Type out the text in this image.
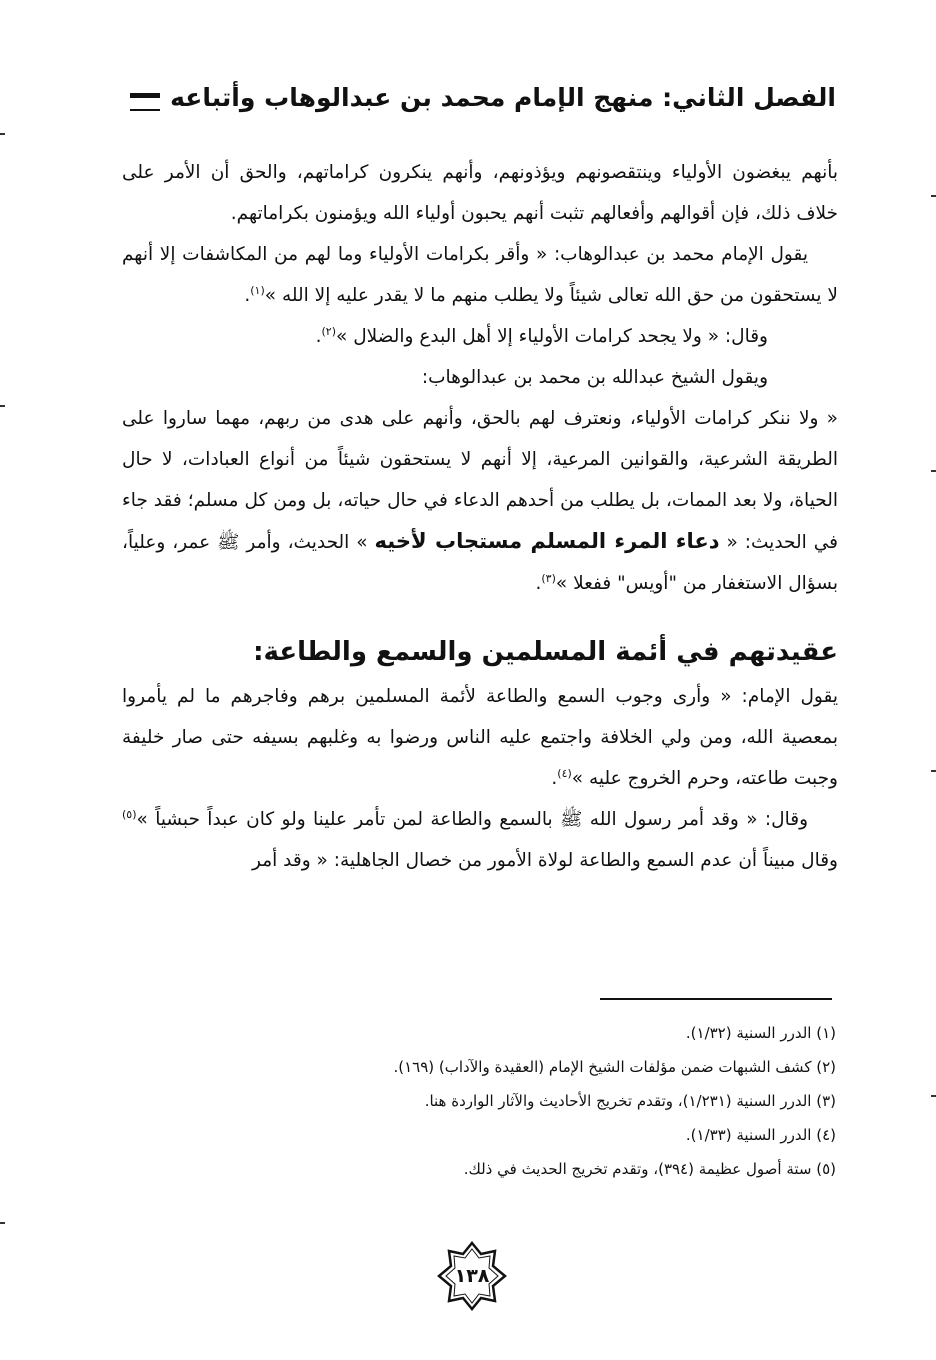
الفصل الثاني: منهج الإمام محمد بن عبدالوهاب وأتباعه

بأنهم يبغضون الأولياء وينتقصونهم ويؤذونهم، وأنهم ينكرون كراماتهم، والحق أن الأمر على خلاف ذلك، فإن أقوالهم وأفعالهم تثبت أنهم يحبون أولياء الله ويؤمنون بكراماتهم.

يقول الإمام محمد بن عبدالوهاب: « وأقر بكرامات الأولياء وما لهم من المكاشفات إلا أنهم لا يستحقون من حق الله تعالى شيئاً ولا يطلب منهم ما لا يقدر عليه إلا الله »$^{(١)}$.

وقال: « ولا يجحد كرامات الأولياء إلا أهل البدع والضلال »$^{(٢)}$.

ويقول الشيخ عبدالله بن محمد بن عبدالوهاب:

« ولا ننكر كرامات الأولياء، ونعترف لهم بالحق، وأنهم على هدى من ربهم، مهما ساروا على الطريقة الشرعية، والقوانين المرعية، إلا أنهم لا يستحقون شيئاً من أنواع العبادات، لا حال الحياة، ولا بعد الممات، بل يطلب من أحدهم الدعاء في حال حياته، بل ومن كل مسلم؛ فقد جاء في الحديث: « دعاء المرء المسلم مستجاب لأخيه » الحديث، وأمر ﷺ عمر، وعلياً، بسؤال الاستغفار من "أويس" ففعلا »$^{(٣)}$.

عقيدتهم في أئمة المسلمين والسمع والطاعة:

يقول الإمام: « وأرى وجوب السمع والطاعة لأئمة المسلمين برهم وفاجرهم ما لم يأمروا بمعصية الله، ومن ولي الخلافة واجتمع عليه الناس ورضوا به وغلبهم بسيفه حتى صار خليفة وجبت طاعته، وحرم الخروج عليه »$^{(٤)}$.

وقال: « وقد أمر رسول الله ﷺ بالسمع والطاعة لمن تأمر علينا ولو كان عبداً حبشياً »$^{(٥)}$ وقال مبيناً أن عدم السمع والطاعة لولاة الأمور من خصال الجاهلية: « وقد أمر

(١) الدرر السنية (١/٣٢).
(٢) كشف الشبهات ضمن مؤلفات الشيخ الإمام (العقيدة والآداب) (١٦٩).
(٣) الدرر السنية (١/٢٣١)، وتقدم تخريج الأحاديث والآثار الواردة هنا.
(٤) الدرر السنية (١/٣٣).
(٥) ستة أصول عظيمة (٣٩٤)، وتقدم تخريج الحديث في ذلك.
١٣٨
